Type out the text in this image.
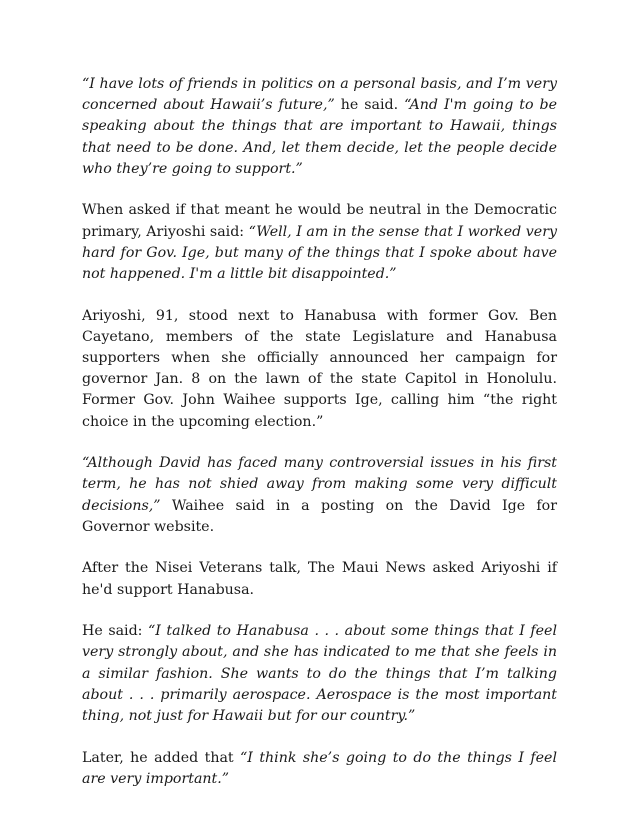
“I have lots of friends in politics on a personal basis, and I’m very concerned about Hawaii’s future,” he said. “And I'm going to be speaking about the things that are important to Hawaii, things that need to be done. And, let them decide, let the people decide who they’re going to support.”

When asked if that meant he would be neutral in the Democratic primary, Ariyoshi said: “Well, I am in the sense that I worked very hard for Gov. Ige, but many of the things that I spoke about have not happened. I'm a little bit disappointed.”

Ariyoshi, 91, stood next to Hanabusa with former Gov. Ben Cayetano, members of the state Legislature and Hanabusa supporters when she officially announced her campaign for governor Jan. 8 on the lawn of the state Capitol in Honolulu. Former Gov. John Waihee supports Ige, calling him “the right choice in the upcoming election.”

“Although David has faced many controversial issues in his first term, he has not shied away from making some very difficult decisions,” Waihee said in a posting on the David Ige for Governor website.

After the Nisei Veterans talk, The Maui News asked Ariyoshi if he'd support Hanabusa.

He said: “I talked to Hanabusa . . . about some things that I feel very strongly about, and she has indicated to me that she feels in a similar fashion. She wants to do the things that I’m talking about . . . primarily aerospace. Aerospace is the most important thing, not just for Hawaii but for our country.”

Later, he added that “I think she’s going to do the things I feel are very important.”
